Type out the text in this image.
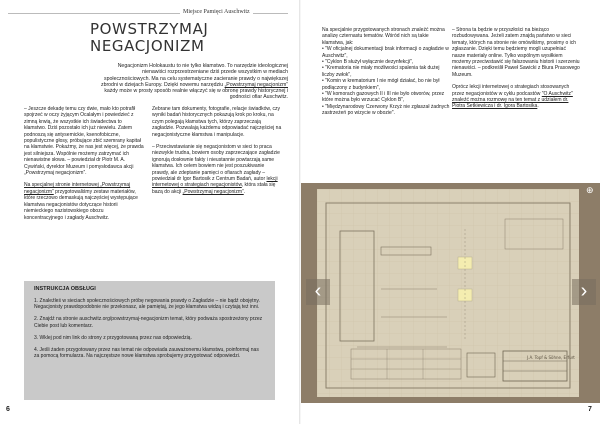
Miejsce Pamięci Auschwitz
POWSTRZYMAJ
NEGACJONIZM

Negacjonizm Holokaustu to nie tylko kłamstwo. To narzędzie ideologicznej nienawiści rozprzestrzeniane dziś przede wszystkim w mediach społecznościowych. Ma na celu systematyczne zacieranie prawdy o największej zbrodni w dziejach Europy. Dzięki nowemu narzędziu „Powstrzymaj negacjonizm” każdy może w prosty sposób realnie włączyć się w obronę prawdy historycznej i godności ofiar Auschwitz.

– Jeszcze dekadę temu czy dwie, mało kto potrafił spojrzeć w oczy żyjącym Ocalałym i powiedzieć z zimną krwią, że wszystkie ich świadectwa to kłamstwo. Dziś pozostało ich już niewielu. Zatem podnoszą się antysemickie, ksenofobiczne, populistyczne głosy, próbujące zbić szemrany kapitał na kłamstwie. Pokażmy, że nas jest więcej, że prawda jest silniejsza. Wspólnie możemy zatrzymać ich nienawistne słowa. – powiedział dr Piotr M. A. Cywiński, dyrektor Muzeum i pomysłodawca akcji „Powstrzymaj negacjonizm”.

Na specjalnej stronie internetowej „Powstrzymaj negacjonizm” przygotowaliśmy zestaw materiałów, które rzeczowo demaskują najczęściej występujące kłamstwa negacjonistów dotyczące historii niemieckiego nazistowskiego obozu koncentracyjnego i zagłady Auschwitz.

Zebrane tam dokumenty, fotografie, relacje świadków, czy wyniki badań historycznych pokazują krok po kroku, na czym polegają kłamstwa tych, którzy zaprzeczają zagładzie. Pozwalają każdemu odpowiadać najczęściej na negacjonistyczne kłamstwa i manipulacje.

– Przeciwstawianie się negacjonistom w sieci to praca niezwykle trudna, bowiem osoby zaprzeczające zagładzie ignorują dosłownie fakty i nieustannie powtarzają same kłamstwa. Ich celem bowiem nie jest poszukiwanie prawdy, ale zdeptanie pamięci o ofiarach zagłady – powiedział dr Igor Bartosik z Centrum Badań, autor lekcji internetowej o strategiach negacjonistów, która stała się bazą do akcji „Powstrzymaj negacjonizm”.

INSTRUKCJA OBSŁUGI

1. Znaleźleś w sieciach społecznościowych próbę negowania prawdy o Zagładzie – nie bądź obojętny. Negacjonisty prawdopodobnie nie przekonasz, ale pamiętaj, że jego kłamstwa widzą i czytają też inni.

2. Znajdź na stronie auschwitz.org/powstrzymaj-negacjonizm temat, który podważa spostrzeżony przez Ciebie post lub komentarz.

3. Wklej pod nim link do strony z przygotowaną przez nas odpowiedzią.

4. Jeśli żaden przygotowany przez nas temat nie odpowiada zauważonemu kłamstwu, poinformuj nas za pomocą formularza. Na najczęstsze nowe kłamstwa sprobujemy przygotować odpowiedzi.

6

Na specjalnie przygotowanych stronach znaleźć można analizę czternastu tematów. Wśród nich są takie kłamstwa, jak:

• "W oficjalnej dokumentacji brak informacji o zagładzie w Auschwitz",

• "Cyklon B służył wyłącznie dezynfekcji",

• "Krematoria nie miały możliwości spalenia tak dużej liczby zwłok",

• "Komin w krematorium I nie mógł działać, bo nie był podłączony z budynkiem",

• "W komorach gazowych II i III nie było otworów, przez które można było wrzucać Cyklon B",

• "Międzynarodowy Czerwony Krzyż nie zgłaszał żadnych zastrzeżeń po wizycie w obozie".

– Strona ta będzie w przyszłości na bieżąco rozbudowywana. Jeżeli zatem znajdą państwo w sieci tematy, których na stronie nie omówiliśmy, prosimy o ich zgłaszanie. Dzięki temu będziemy mogli uzupełniać nasze materiały online. Tylko wspólnym wysiłkiem możemy przeciwstawić się fałszowaniu historii i szerzeniu nienawiści. – podkreślił Paweł Sawicki z Biura Prasowego Muzeum.

Oprócz lekcji internetowej o strategiach stosowanych przez negacjonistów w cyklu podcastów "O Auschwitz" znaleźć można rozmowę na ten temat z udziałem dr. Piotra Setkiewicza i dr. Igora Bartosika.

J.A. Topf & Söhne, Erfurt
‹	›
⊕
7
